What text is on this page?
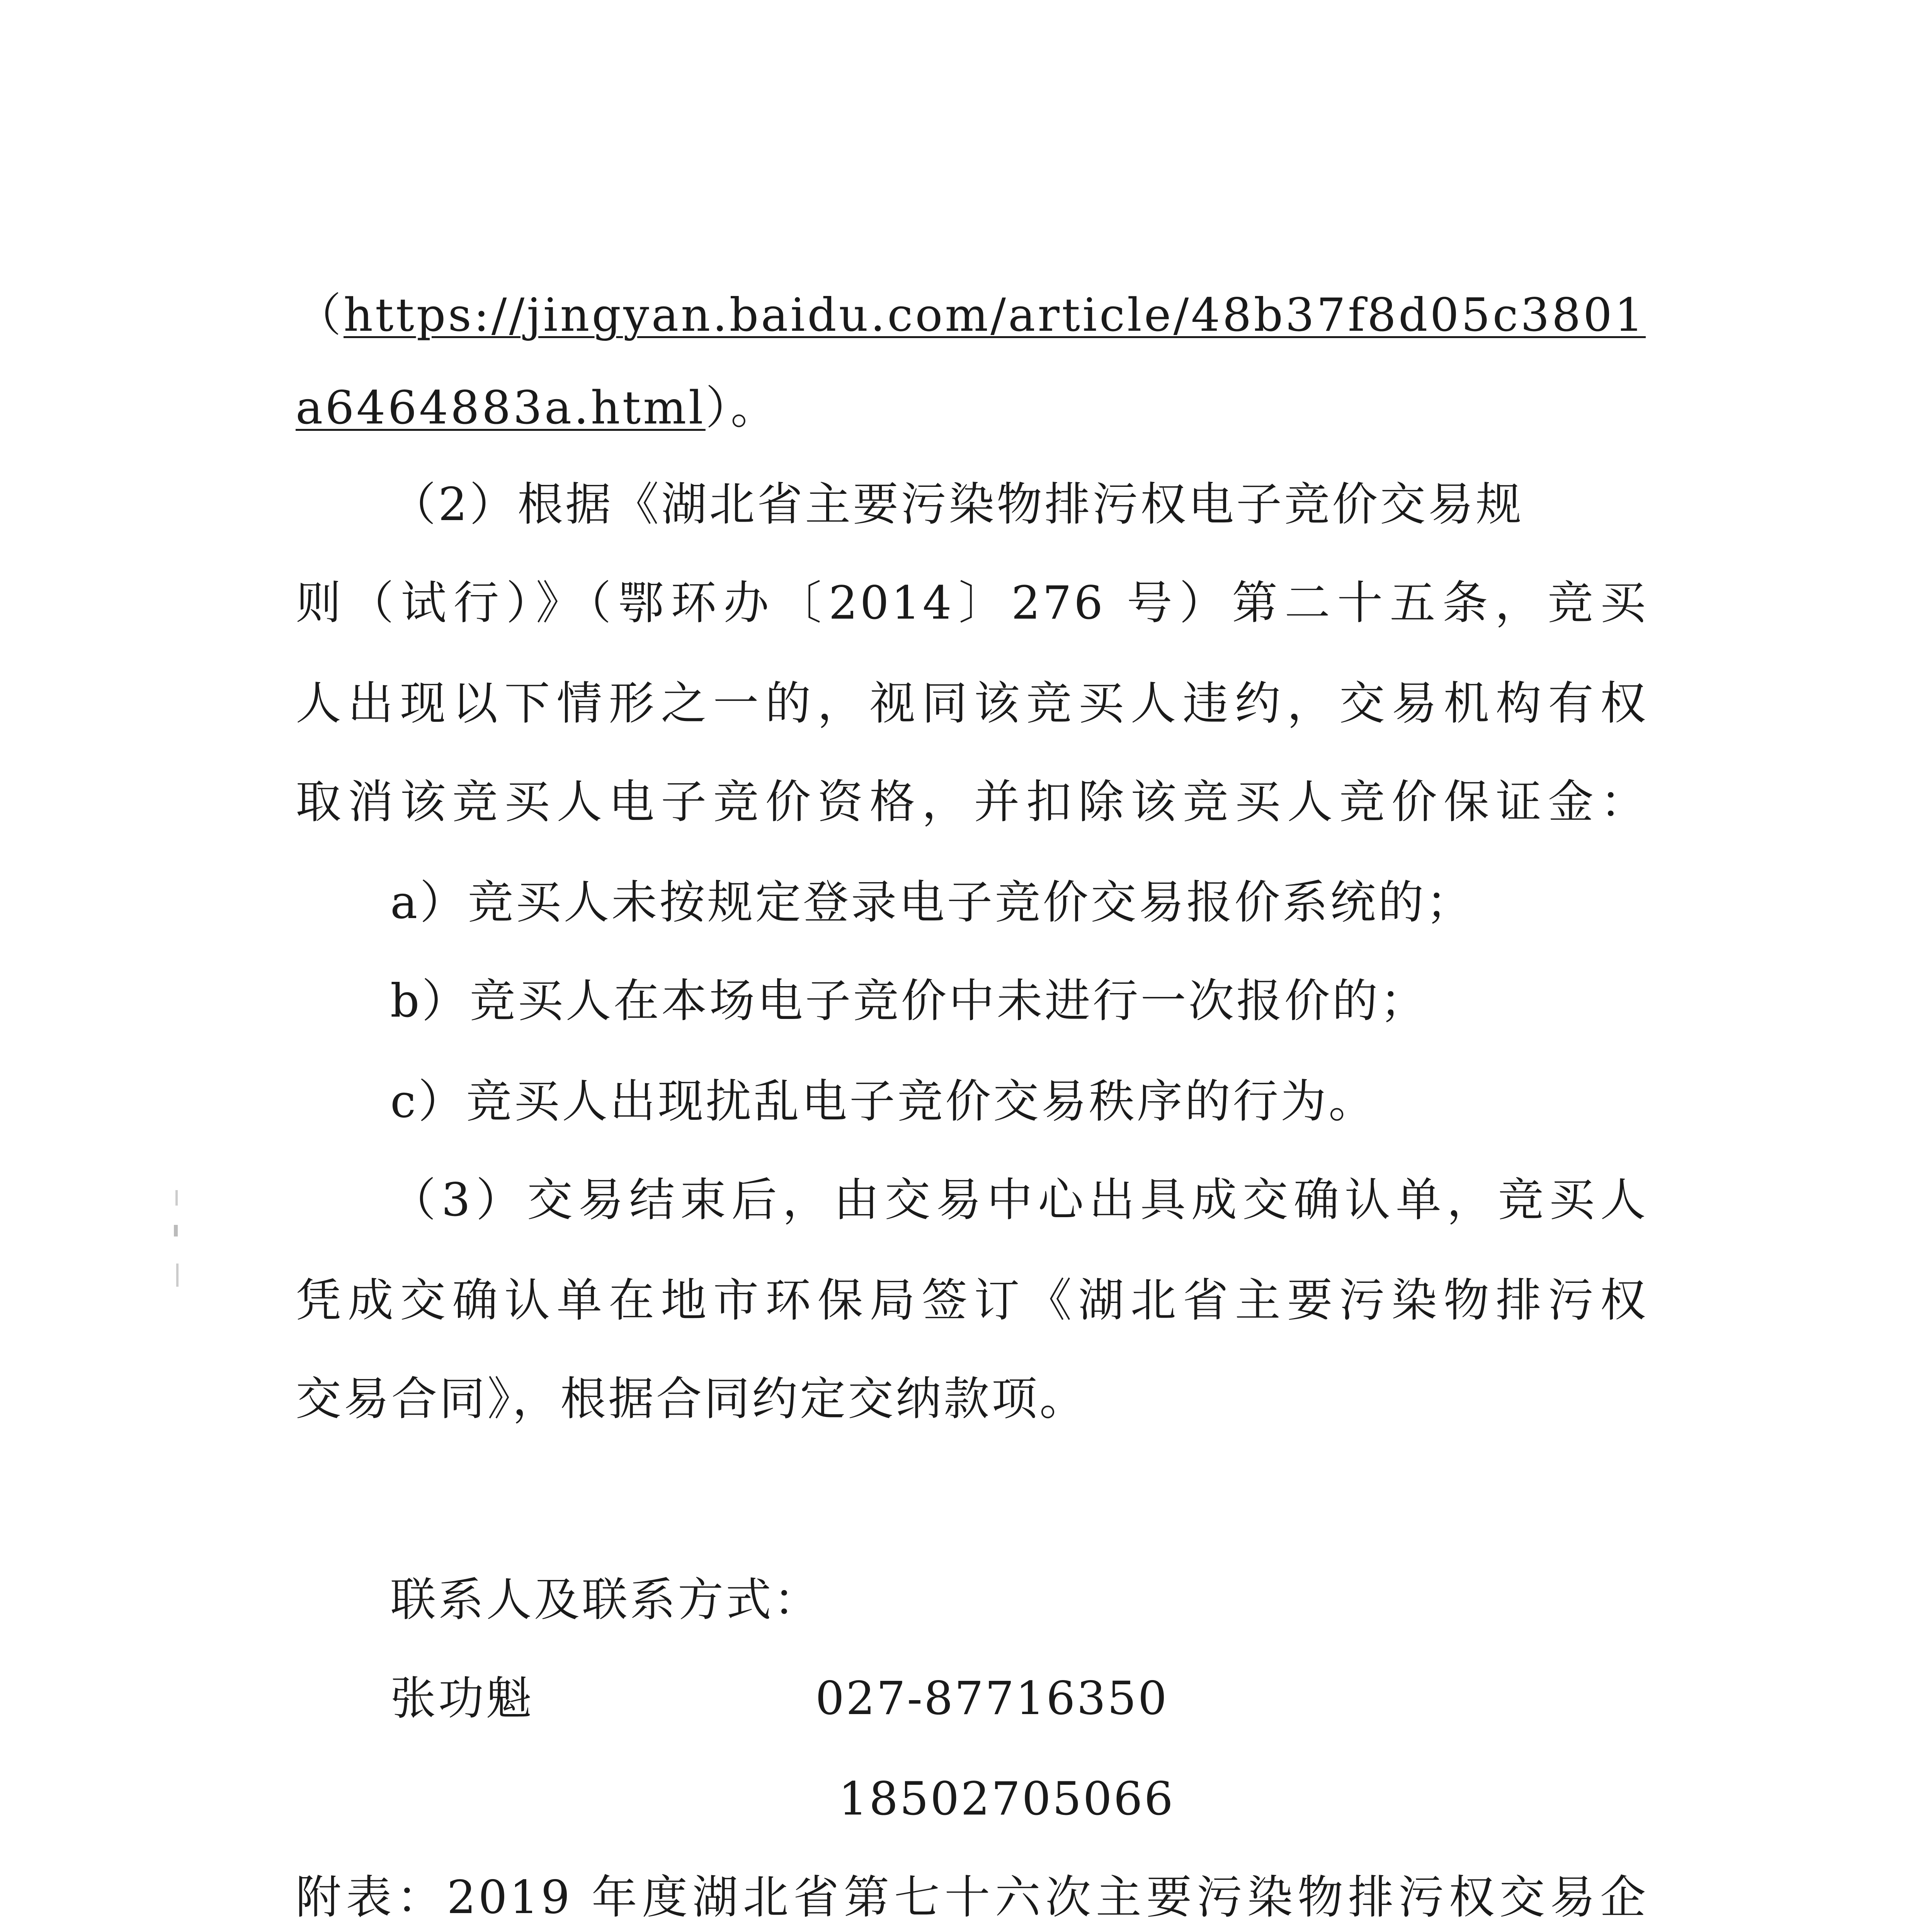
（https://jingyan.baidu.com/article/48b37f8d05c3801
a6464883a.html）。
（2）根据《湖北省主要污染物排污权电子竞价交易规
则（试行）》（鄂环办〔2014〕276 号）第二十五条，竞买
人出现以下情形之一的，视同该竞买人违约，交易机构有权
取消该竞买人电子竞价资格，并扣除该竞买人竞价保证金：
a）竞买人未按规定登录电子竞价交易报价系统的；
b）竞买人在本场电子竞价中未进行一次报价的；
c）竞买人出现扰乱电子竞价交易秩序的行为。
（3）交易结束后，由交易中心出具成交确认单，竞买人
凭成交确认单在地市环保局签订《湖北省主要污染物排污权
交易合同》，根据合同约定交纳款项。
联系人及联系方式：
张功魁	027-87716350
18502705066
附表：2019 年度湖北省第七十六次主要污染物排污权交易企
